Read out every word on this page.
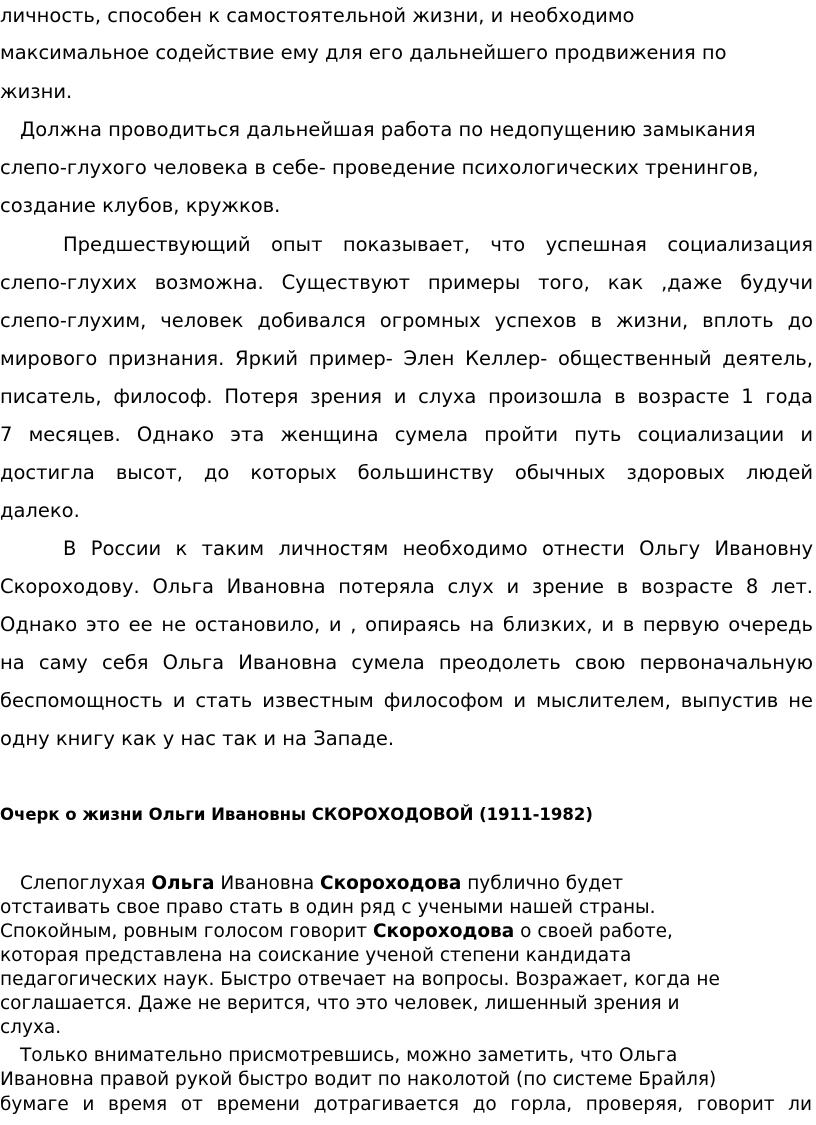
личность, способен к самостоятельной жизни, и необходимо
максимальное содействие ему для его дальнейшего продвижения по
жизни.
Должна проводиться дальнейшая работа по недопущению замыкания
слепо-глухого человека в себе- проведение психологических тренингов,
создание клубов, кружков.
Предшествующий опыт показывает, что успешная социализация
слепо-глухих возможна. Существуют примеры того, как ,даже будучи
слепо-глухим, человек добивался огромных успехов в жизни, вплоть до
мирового признания. Яркий пример- Элен Келлер- общественный деятель,
писатель, философ. Потеря зрения и слуха произошла в возрасте 1 года
7 месяцев. Однако эта женщина сумела пройти путь социализации и
достигла высот, до которых большинству обычных здоровых людей
далеко.
В России к таким личностям необходимо отнести Ольгу Ивановну
Скороходову. Ольга Ивановна потеряла слух и зрение в возрасте 8 лет.
Однако это ее не остановило, и , опираясь на близких, и в первую очередь
на саму себя Ольга Ивановна сумела преодолеть свою первоначальную
беспомощность и стать известным философом и мыслителем, выпустив не
одну книгу как у нас так и на Западе.
Очерк о жизни Ольги Ивановны СКОРОХОДОВОЙ (1911-1982)
Слепоглухая Ольга Ивановна Скороходова публично будет
отстаивать свое право стать в один ряд с учеными нашей страны.
Спокойным, ровным голосом говорит Скороходова о своей работе,
которая представлена на соискание ученой степени кандидата
педагогических наук. Быстро отвечает на вопросы. Возражает, когда не
соглашается. Даже не верится, что это человек, лишенный зрения и
слуха.
Только внимательно присмотревшись, можно заметить, что Ольга
Ивановна правой рукой быстро водит по наколотой (по системе Брайля)
бумаге и время от времени дотрагивается до горла, проверяя, говорит ли
